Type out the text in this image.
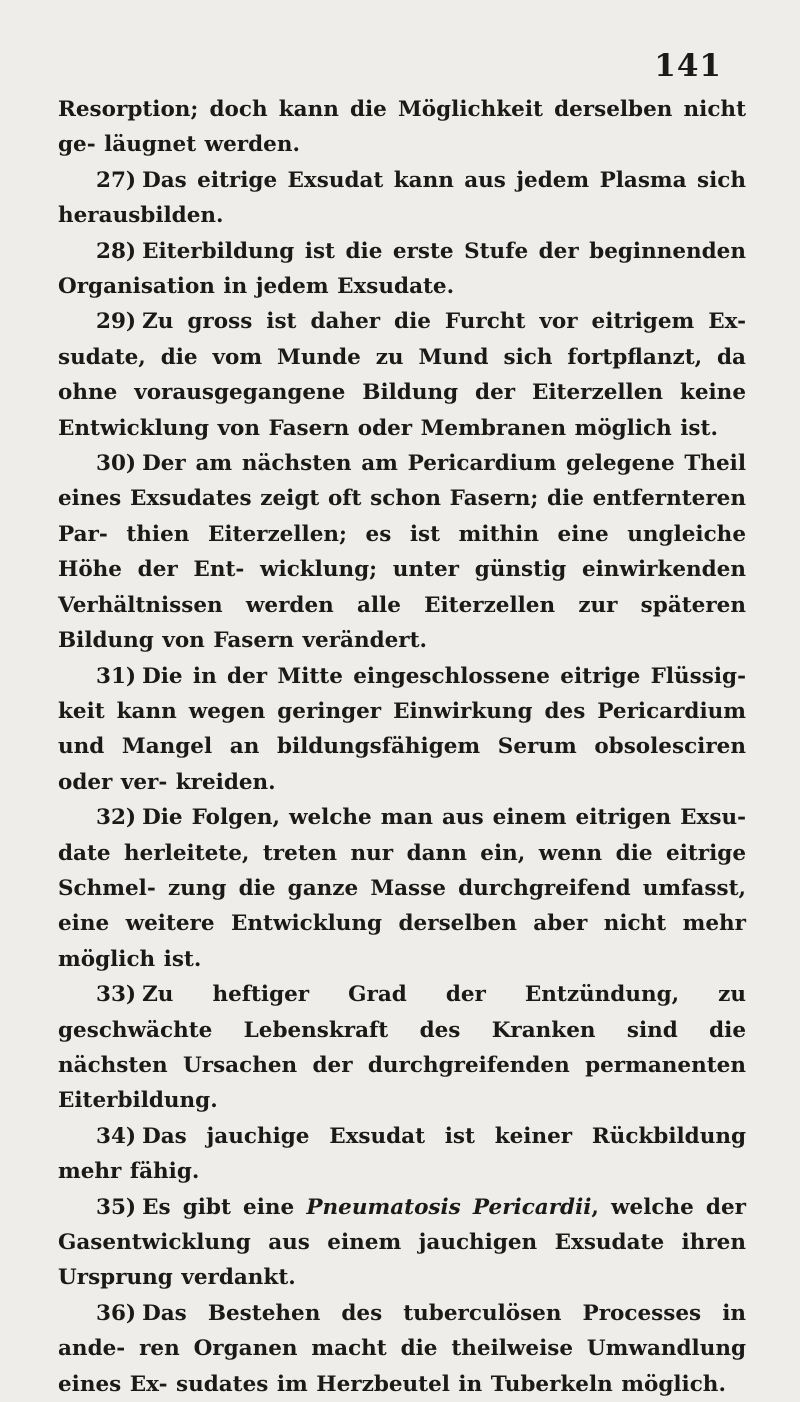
141

Resorption; doch kann die Möglichkeit derselben nicht ge- läugnet werden.

27) Das eitrige Exsudat kann aus jedem Plasma sich herausbilden.

28) Eiterbildung ist die erste Stufe der beginnenden Organisation in jedem Exsudate.

29) Zu gross ist daher die Furcht vor eitrigem Ex- sudate, die vom Munde zu Mund sich fortpflanzt, da ohne vorausgegangene Bildung der Eiterzellen keine Entwicklung von Fasern oder Membranen möglich ist.

30) Der am nächsten am Pericardium gelegene Theil eines Exsudates zeigt oft schon Fasern; die entfernteren Par- thien Eiterzellen; es ist mithin eine ungleiche Höhe der Ent- wicklung; unter günstig einwirkenden Verhältnissen werden alle Eiterzellen zur späteren Bildung von Fasern verändert.

31) Die in der Mitte eingeschlossene eitrige Flüssig- keit kann wegen geringer Einwirkung des Pericardium und Mangel an bildungsfähigem Serum obsolesciren oder ver- kreiden.

32) Die Folgen, welche man aus einem eitrigen Exsu- date herleitete, treten nur dann ein, wenn die eitrige Schmel- zung die ganze Masse durchgreifend umfasst, eine weitere Entwicklung derselben aber nicht mehr möglich ist.

33) Zu heftiger Grad der Entzündung, zu geschwächte Lebenskraft des Kranken sind die nächsten Ursachen der durchgreifenden permanenten Eiterbildung.

34) Das jauchige Exsudat ist keiner Rückbildung mehr fähig.

35) Es gibt eine Pneumatosis Pericardii, welche der Gasentwicklung aus einem jauchigen Exsudate ihren Ursprung verdankt.

36) Das Bestehen des tuberculösen Processes in ande- ren Organen macht die theilweise Umwandlung eines Ex- sudates im Herzbeutel in Tuberkeln möglich.
